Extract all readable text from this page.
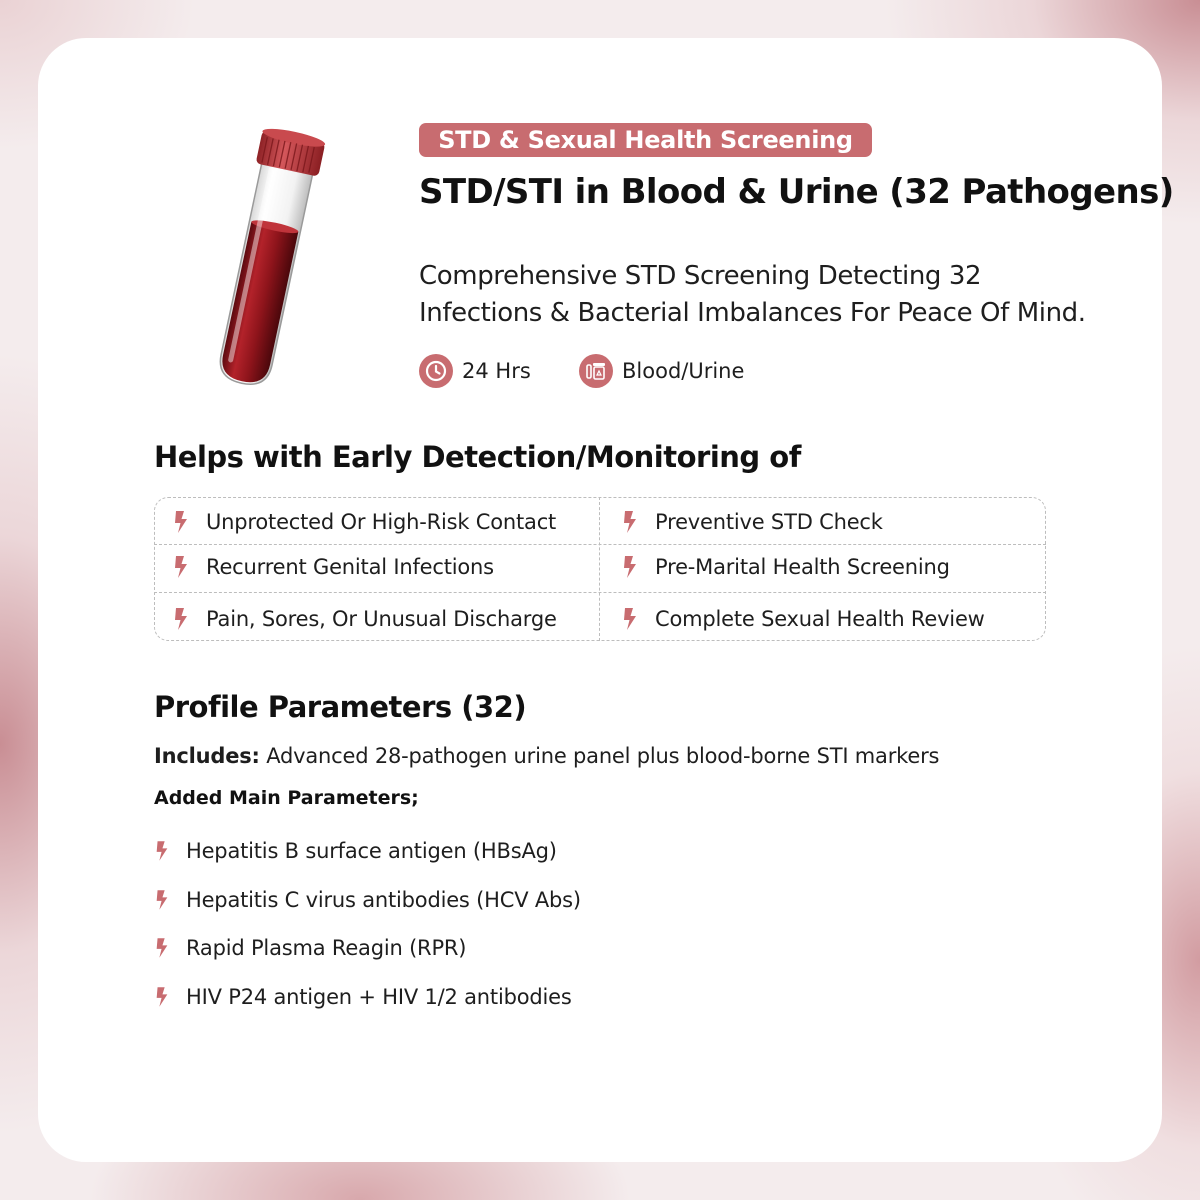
STD & Sexual Health Screening
STD/STI in Blood & Urine (32 Pathogens)
Comprehensive STD Screening Detecting 32
Infections & Bacterial Imbalances For Peace Of Mind.
24 Hrs	Blood/Urine
Helps with Early Detection/Monitoring of
Unprotected Or High-Risk Contact	Preventive STD Check
Recurrent Genital Infections	Pre-Marital Health Screening
Pain, Sores, Or Unusual Discharge	Complete Sexual Health Review
Profile Parameters (32)
Includes: Advanced 28-pathogen urine panel plus blood-borne STI markers
Added Main Parameters;
Hepatitis B surface antigen (HBsAg)
Hepatitis C virus antibodies (HCV Abs)
Rapid Plasma Reagin (RPR)
HIV P24 antigen + HIV 1/2 antibodies
